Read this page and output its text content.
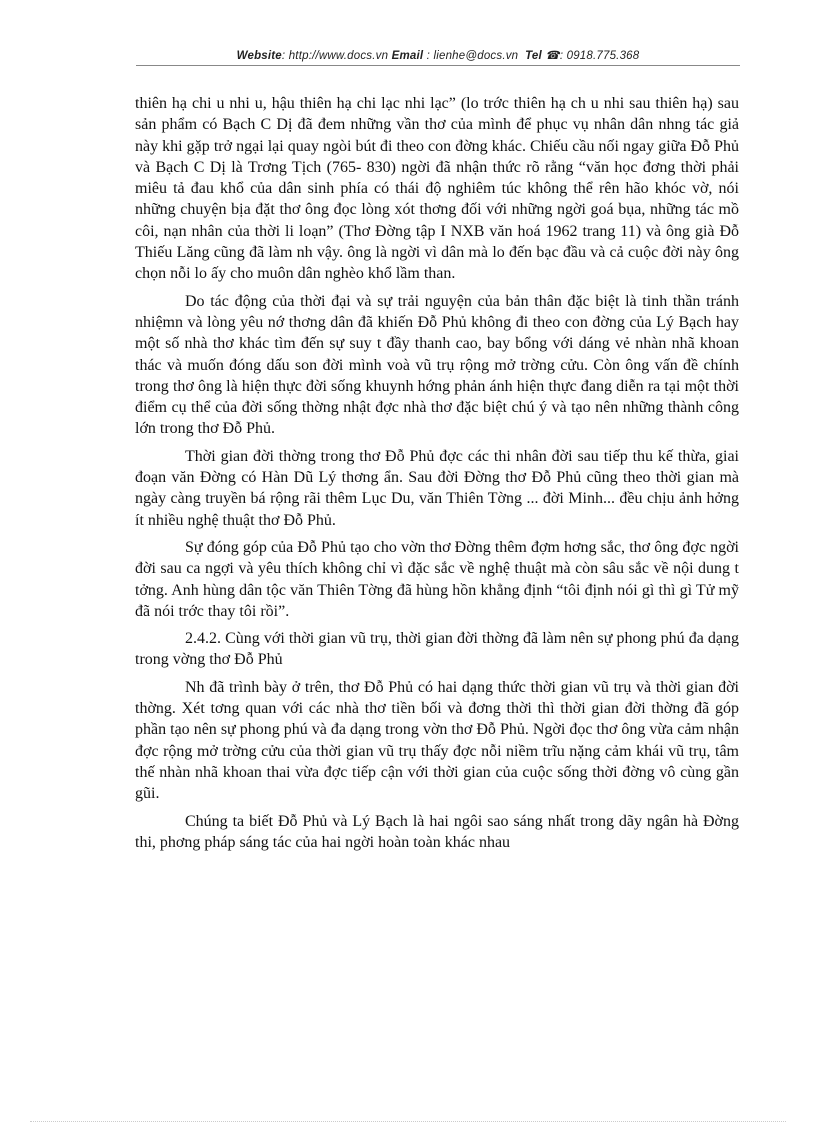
Website: http://www.docs.vn Email : lienhe@docs.vn Tel ☎: 0918.775.368

thiên hạ chi u nhi u, hậu thiên hạ chi lạc nhi lạc” (lo trớc thiên hạ ch u nhi sau thiên hạ) sau sản phẩm có Bạch C Dị đã đem những vần thơ của mình để phục vụ nhân dân nhng tác giả này khi gặp trở ngại lại quay ngòi bút đi theo con đờng khác. Chiếu cầu nối ngay giữa Đỗ Phủ và Bạch C Dị là Trơng Tịch (765- 830) ngời đã nhận thức rõ rằng “văn học đơng thời phải miêu tả đau khổ của dân sinh phía có thái độ nghiêm túc không thể rên hão khóc vờ, nói những chuyện bịa đặt thơ ông đọc lòng xót thơng đối với những ngời goá bụa, những tác mồ côi, nạn nhân của thời li loạn” (Thơ Đờng tập I NXB văn hoá 1962 trang 11) và ông già Đỗ Thiếu Lăng cũng đã làm nh vậy. ông là ngời vì dân mà lo đến bạc đầu và cả cuộc đời này ông chọn nỗi lo ấy cho muôn dân nghèo khổ lầm than.

Do tác động của thời đại và sự trải nguyện của bản thân đặc biệt là tinh thần tránh nhiệmn và lòng yêu nớ thơng dân đã khiến Đỗ Phủ không đi theo con đờng của Lý Bạch hay một số nhà thơ khác tìm đến sự suy t đầy thanh cao, bay bổng với dáng vẻ nhàn nhã khoan thác và muốn đóng dấu son đời mình voà vũ trụ rộng mở trờng cửu. Còn ông vấn đề chính trong thơ ông là hiện thực đời sống khuynh hớng phản ánh hiện thực đang diễn ra tại một thời điểm cụ thể của đời sống thờng nhật đợc nhà thơ đặc biệt chú ý và tạo nên những thành công lớn trong thơ Đỗ Phủ.

Thời gian đời thờng trong thơ Đỗ Phủ đợc các thi nhân đời sau tiếp thu kế thừa, giai đoạn văn Đờng có Hàn Dũ Lý thơng ẩn. Sau đời Đờng thơ Đỗ Phủ cũng theo thời gian mà ngày càng truyền bá rộng rãi thêm Lục Du, văn Thiên Tờng ... đời Minh... đều chịu ảnh hởng ít nhiều nghệ thuật thơ Đỗ Phủ.

Sự đóng góp của Đỗ Phủ tạo cho vờn thơ Đờng thêm đợm hơng sắc, thơ ông đợc ngời đời sau ca ngợi và yêu thích không chỉ vì đặc sắc về nghệ thuật mà còn sâu sắc về nội dung t tởng. Anh hùng dân tộc văn Thiên Tờng đã hùng hồn khẳng định “tôi định nói gì thì gì Tử mỹ đã nói trớc thay tôi rồi”.

2.4.2. Cùng với thời gian vũ trụ, thời gian đời thờng đã làm nên sự phong phú đa dạng trong vờng thơ Đỗ Phủ

Nh đã trình bày ở trên, thơ Đỗ Phủ có hai dạng thức thời gian vũ trụ và thời gian đời thờng. Xét tơng quan với các nhà thơ tiền bối và đơng thời thì thời gian đời thờng đã góp phần tạo nên sự phong phú và đa dạng trong vờn thơ Đỗ Phủ. Ngời đọc thơ ông vừa cảm nhận đợc rộng mở trờng cửu của thời gian vũ trụ thấy đợc nỗi niềm trĩu nặng cảm khái vũ trụ, tâm thế nhàn nhã khoan thai vừa đợc tiếp cận với thời gian của cuộc sống thời đờng vô cùng gần gũi.

Chúng ta biết Đỗ Phủ và Lý Bạch là hai ngôi sao sáng nhất trong dãy ngân hà Đờng thi, phơng pháp sáng tác của hai ngời hoàn toàn khác nhau
